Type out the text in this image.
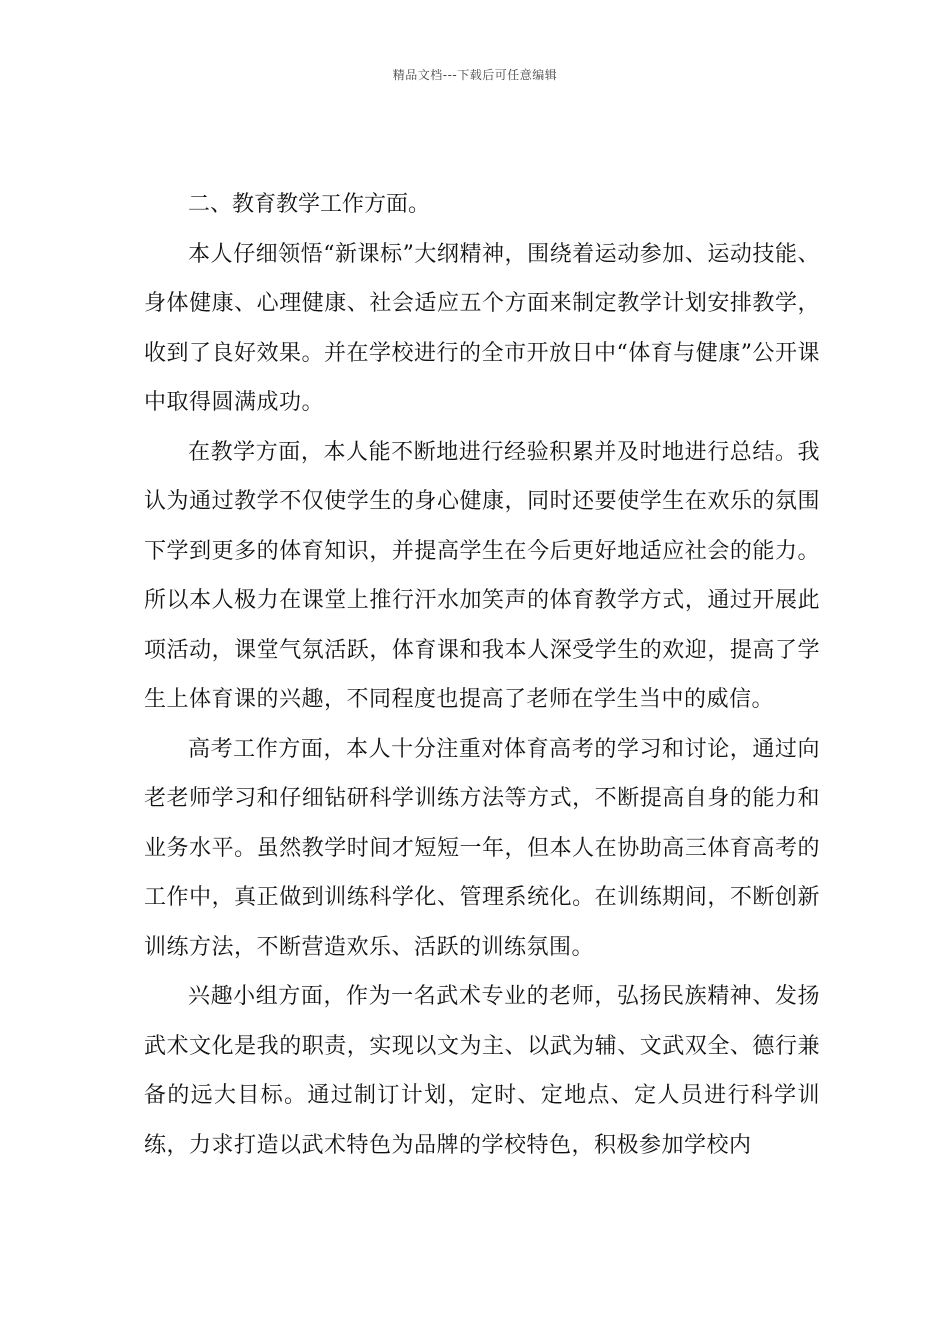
精品文档---下载后可任意编辑

二、教育教学工作方面。

本人仔细领悟“新课标”大纲精神，围绕着运动参加、运动技能、身体健康、心理健康、社会适应五个方面来制定教学计划安排教学，收到了良好效果。并在学校进行的全市开放日中“体育与健康”公开课中取得圆满成功。

在教学方面，本人能不断地进行经验积累并及时地进行总结。我认为通过教学不仅使学生的身心健康，同时还要使学生在欢乐的氛围下学到更多的体育知识，并提高学生在今后更好地适应社会的能力。所以本人极力在课堂上推行汗水加笑声的体育教学方式，通过开展此项活动，课堂气氛活跃，体育课和我本人深受学生的欢迎，提高了学生上体育课的兴趣，不同程度也提高了老师在学生当中的威信。

高考工作方面，本人十分注重对体育高考的学习和讨论，通过向老老师学习和仔细钻研科学训练方法等方式，不断提高自身的能力和业务水平。虽然教学时间才短短一年，但本人在协助高三体育高考的工作中，真正做到训练科学化、管理系统化。在训练期间，不断创新训练方法，不断营造欢乐、活跃的训练氛围。

兴趣小组方面，作为一名武术专业的老师，弘扬民族精神、发扬武术文化是我的职责，实现以文为主、以武为辅、文武双全、德行兼备的远大目标。通过制订计划，定时、定地点、定人员进行科学训练，力求打造以武术特色为品牌的学校特色，积极参加学校内
